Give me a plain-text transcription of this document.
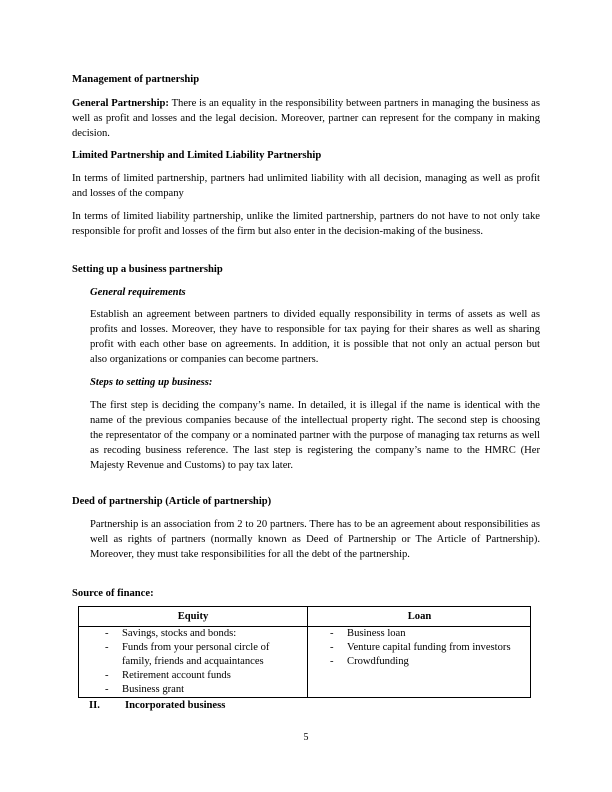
Management of partnership

General Partnership: There is an equality in the responsibility between partners in managing the business as well as profit and losses and the legal decision. Moreover, partner can represent for the company in making decision.

Limited Partnership and Limited Liability Partnership

In terms of limited partnership, partners had unlimited liability with all decision, managing as well as profit and losses of the company

In terms of limited liability partnership, unlike the limited partnership, partners do not have to not only take responsible for profit and losses of the firm but also enter in the decision-making of the business.

Setting up a business partnership

General requirements

Establish an agreement between partners to divided equally responsibility in terms of assets as well as profits and losses. Moreover, they have to responsible for tax paying for their shares as well as sharing profit with each other base on agreements. In addition, it is possible that not only an actual person but also organizations or companies can become partners.

Steps to setting up business:

The first step is deciding the company’s name. In detailed, it is illegal if the name is identical with the name of the previous companies because of the intellectual property right. The second step is choosing the representator of the company or a nominated partner with the purpose of managing tax returns as well as recoding business reference. The last step is registering the company’s name to the HMRC (Her Majesty Revenue and Customs) to pay tax later.

Deed of partnership (Article of partnership)

Partnership is an association from 2 to 20 partners. There has to be an agreement about responsibilities as well as rights of partners (normally known as Deed of Partnership or The Article of Partnership). Moreover, they must take responsibilities for all the debt of the partnership.

Source of finance:

Equity	Loan
- Savings, stocks and bonds:
- Funds from your personal circle of family, friends and acquaintances
- Retirement account funds
- Business grant
- Business loan
- Venture capital funding from investors
- Crowdfunding
II. Incorporated business
5
